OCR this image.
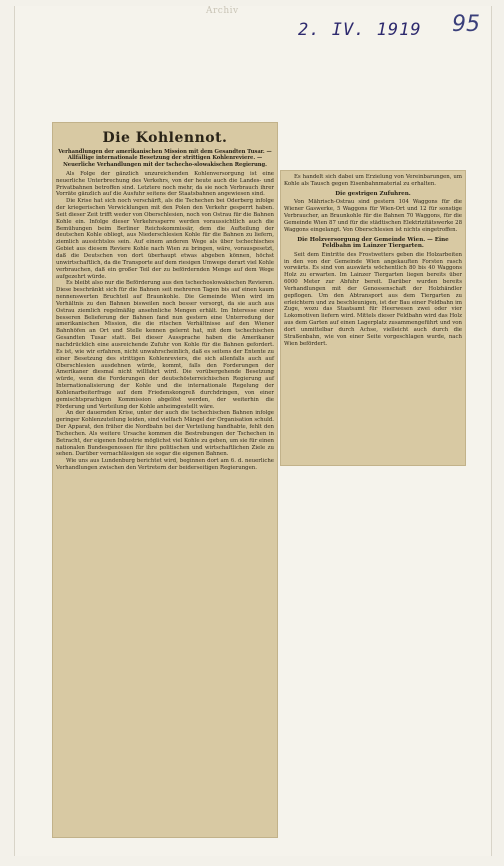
Archiv
2. IV. 1919 95
Die Kohlennot.
Verhandlungen der amerikanischen Mission mit dem Gesandten Tusar. — Allfällige internationale Besetzung der strittigen Kohlenreviere. — Neuerliche Verhandlungen mit der tschecho-slowakischen Regierung.

Als Folge der gänzlich unzureichenden Kohlenversorgung ist eine neuerliche Unterbrechung des Verkehrs, von der heute auch die Landes- und Privatbahnen betroffen sind. Letztere noch mehr, da sie noch Verbrauch ihrer Vorräte gänzlich auf die Ausfuhr seitens der Staatsbahnen angewiesen sind.

Die Krise hat sich noch verschärft, als die Tschechen bei Oderberg infolge der kriegerischen Verwicklungen mit den Polen den Verkehr gesperrt haben. Seit dieser Zeit trifft weder von Oberschlesien, noch von Ostrau für die Bahnen Kohle ein. Infolge dieser Verkehrssperre werden voraussichtlich auch die Bemühungen beim Berliner Reichskommissär, dem die Aufteilung der deutschen Kohle obliegt, aus Niederschlesien Kohle für die Bahnen zu liefern, ziemlich aussichtslos sein. Auf einem anderen Wege als über tschechisches Gebiet aus diesem Reviere Kohle nach Wien zu bringen, wäre, vorausgesetzt, daß die Deutschen von dort überhaupt etwas abgeben können, höchst unwirtschaftlich, da die Transporte auf dem riesigen Umwege derart viel Kohle verbrauchen, daß ein großer Teil der zu befördernden Menge auf dem Wege aufgezehrt würde.

Es bleibt also nur die Beförderung aus den tschechoslowakischen Revieren. Diese beschränkt sich für die Bahnen seit mehreren Tagen bis auf einen kaum nennenswerten Bruchteil auf Braunkohle. Die Gemeinde Wien wird im Verhältnis zu den Bahnen bisweilen noch besser versorgt, da sie auch aus Ostrau ziemlich regelmäßig ansehnliche Mengen erhält. Im Interesse einer besseren Belieferung der Bahnen fand nun gestern eine Unterredung der amerikanischen Mission, die die ritschen Verhältnisse auf den Wiener Bahnhöfen an Ort und Stelle kennen gelernt hat, mit dem tschechischen Gesandten Tusar statt. Bei dieser Aussprache haben die Amerikaner nachdrücklich eine ausreichende Zufuhr von Kohle für die Bahnen gefordert. Es ist, wie wir erfahren, nicht unwahrscheinlich, daß es seitens der Entente zu einer Besetzung des strittigen Kohlenreviers, die sich allenfalls auch auf Oberschlesien ausdehnen würde, kommt, falls den Forderungen der Amerikaner diesmal nicht willfahrt wird. Die vorübergehende Besetzung würde, wenn die Forderungen der deutschösterreichischen Regierung auf Internationalisierung der Kohle und die internationale Regelung der Kohlenarbeiterfrage auf dem Friedenskongreß durchdringen, von einer gemischtsprachigen Kommission abgelöst werden, der weiterhin die Förderung und Verteilung der Kohle anheimgestellt wäre.

An der dauernden Krise, unter der auch die tschechischen Bahnen infolge geringer Kohlenzuteilung leiden, sind vielfach Mängel der Organisation schuld. Der Apparat, den früher die Nordbahn bei der Verteilung handhabte, fehlt den Tschechen. Als weitere Ursache kommen die Bestrebungen der Tschechen in Betracht, der eigenen Industrie möglichst viel Kohle zu geben, um sie für einen nationalen Bundesgenossen für ihre politischen und wirtschaftlichen Ziele zu sehen. Darüber vernachlässigen sie sogar die eigenen Bahnen.

Wie uns aus Lundenburg berichtet wird, beginnen dort am 6. d. neuerliche Verhandlungen zwischen den Vertretern der beiderseitigen Regierungen.

Es handelt sich dabei um Erzielung von Vereinbarungen, um Kohle als Tausch gegen Eisenbahnmaterial zu erhalten.

Die gestrigen Zufuhren.

Von Mährisch-Ostrau sind gestern 104 Waggons für die Wiener Gaswerke, 5 Waggons für Wien-Ort und 12 für sonstige Verbraucher, an Braunkohle für die Bahnen 70 Waggons, für die Gemeinde Wien 87 und für die städtischen Elektrizitätswerke 28 Waggons eingelangt. Von Oberschlesien ist nichts eingetroffen.

Die Holzversorgung der Gemeinde Wien. — Eine Feldbahn im Lainzer Tiergarten.

Seit dem Eintritte des Frostwetters geben die Holzarbeiten in den von der Gemeinde Wien angekauften Forsten rasch vorwärts. Es sind von auswärts wöchentlich 80 bis 40 Waggons Holz zu erwarten. Im Lainzer Tiergarten liegen bereits über 6000 Meter zur Abfuhr bereit. Darüber wurden bereits Verhandlungen mit der Genossenschaft der Holzhändler gepflogen. Um den Abtransport aus dem Tiergarten zu erleichtern und zu beschleunigen, ist der Bau einer Feldbahn im Zuge, wozu das Staatsamt für Heerwesen zwei oder vier Lokomotiven liefern wird. Mittels dieser Feldbahn wird das Holz aus dem Garten auf einen Lagerplatz zusammengeführt und von dort unmittelbar durch Achse, vielleicht auch durch die Straßenbahn, wie von einer Seite vorgeschlagen wurde, nach Wien befördert.
